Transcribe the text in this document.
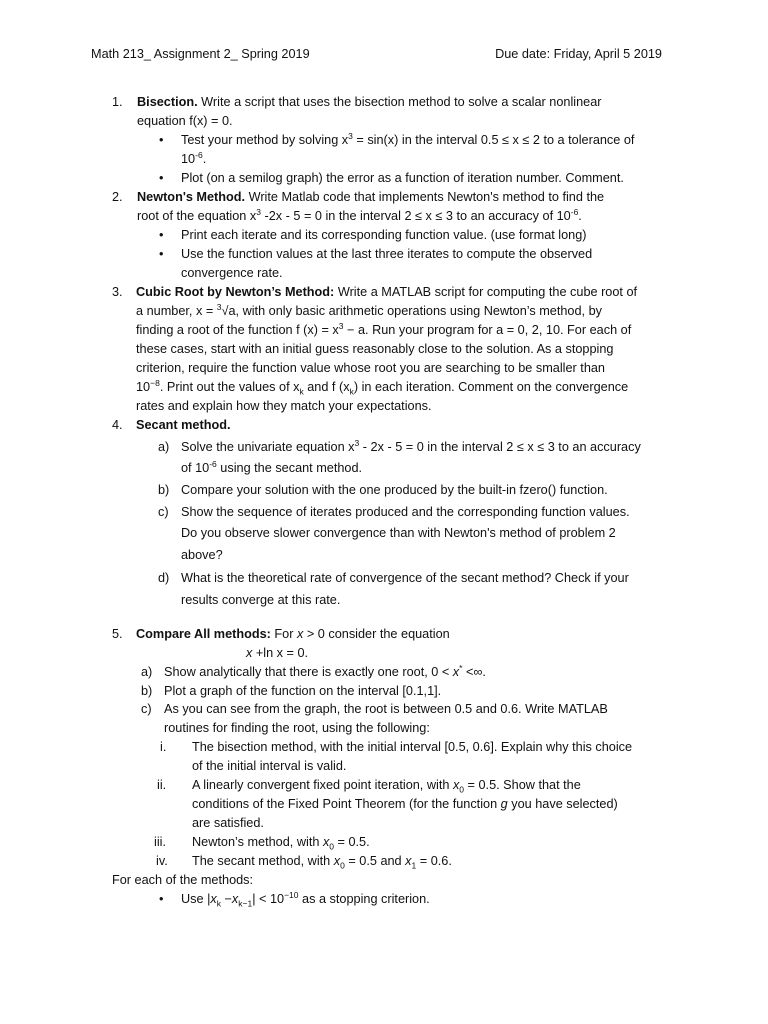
Math 213_ Assignment 2_ Spring 2019	Due date: Friday, April 5 2019
1. Bisection. Write a script that uses the bisection method to solve a scalar nonlinear
equation f(x) = 0.
• Test your method by solving $x^3 = \sin(x)$ in the interval 0.5 ≤ x ≤ 2 to a tolerance of
$10^{-6}$.
• Plot (on a semilog graph) the error as a function of iteration number. Comment.
2. Newton's Method. Write Matlab code that implements Newton's method to find the
root of the equation $x^3$ -2x - 5 = 0 in the interval 2 ≤ x ≤ 3 to an accuracy of $10^{-6}$.
• Print each iterate and its corresponding function value. (use format long)
• Use the function values at the last three iterates to compute the observed
convergence rate.
3. Cubic Root by Newton’s Method: Write a MATLAB script for computing the cube root of
a number, x = $^3$√a, with only basic arithmetic operations using Newton’s method, by
finding a root of the function f $(x) = x^3 - a$. Run your program for a = 0, 2, 10. For each of
these cases, start with an initial guess reasonably close to the solution. As a stopping
criterion, require the function value whose root you are searching to be smaller than
$10^{-8}$. Print out the values of $x_k$ and f $(x_k)$ in each iteration. Comment on the convergence
rates and explain how they match your expectations.
4. Secant method.
a) Solve the univariate equation $x^3 - 2x - 5 = 0$ in the interval 2 ≤ x ≤ 3 to an accuracy
of $10^{-6}$ using the secant method.
b) Compare your solution with the one produced by the built-in fzero() function.
c) Show the sequence of iterates produced and the corresponding function values.
Do you observe slower convergence than with Newton's method of problem 2
above?
d) What is the theoretical rate of convergence of the secant method? Check if your
results converge at this rate.
5. Compare All methods: For x > 0 consider the equation
x +ln x = 0.
a) Show analytically that there is exactly one root, 0 < x* <∞.
b) Plot a graph of the function on the interval [0.1,1].
c) As you can see from the graph, the root is between 0.5 and 0.6. Write MATLAB
routines for finding the root, using the following:
i. The bisection method, with the initial interval [0.5, 0.6]. Explain why this choice
of the initial interval is valid.
ii. A linearly convergent fixed point iteration, with $x_0 = 0.5$. Show that the
conditions of the Fixed Point Theorem (for the function g you have selected)
are satisfied.
iii. Newton’s method, with $x_0 = 0.5$.
iv. The secant method, with $x_0 = 0.5$ and $x_1 = 0.6$.
For each of the methods:
• Use $|x_k -x_{k-1}| < 10^{-10}$ as a stopping criterion.
